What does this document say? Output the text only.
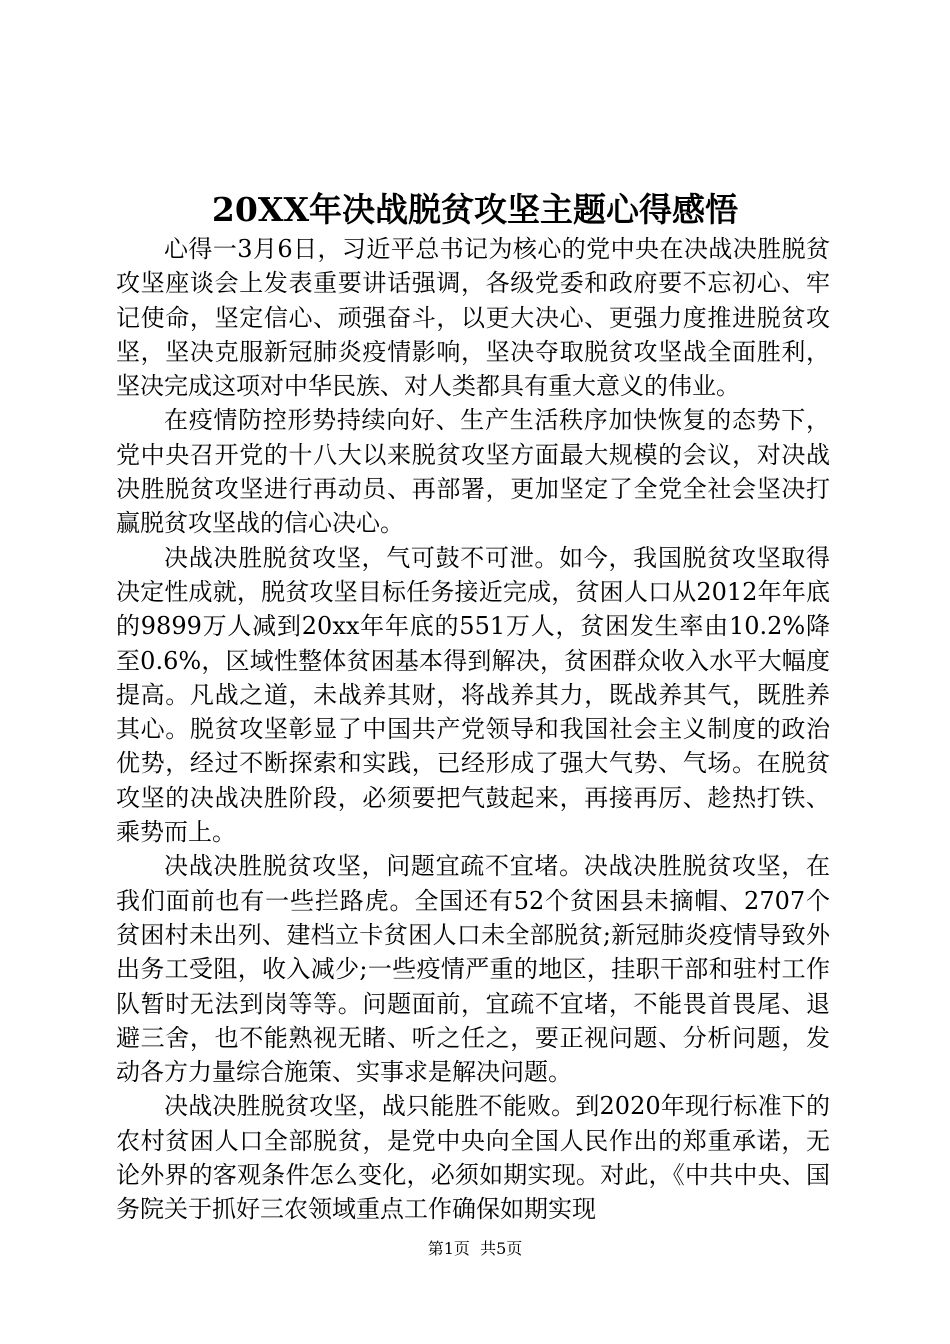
20XX年决战脱贫攻坚主题心得感悟

心得一3月6日，习近平总书记为核心的党中央在决战决胜脱贫攻坚座谈会上发表重要讲话强调，各级党委和政府要不忘初心、牢记使命，坚定信心、顽强奋斗，以更大决心、更强力度推进脱贫攻坚，坚决克服新冠肺炎疫情影响，坚决夺取脱贫攻坚战全面胜利，坚决完成这项对中华民族、对人类都具有重大意义的伟业。

在疫情防控形势持续向好、生产生活秩序加快恢复的态势下，党中央召开党的十八大以来脱贫攻坚方面最大规模的会议，对决战决胜脱贫攻坚进行再动员、再部署，更加坚定了全党全社会坚决打赢脱贫攻坚战的信心决心。

决战决胜脱贫攻坚，气可鼓不可泄。如今，我国脱贫攻坚取得决定性成就，脱贫攻坚目标任务接近完成，贫困人口从2012年年底的9899万人减到20xx年年底的551万人，贫困发生率由10.2%降至0.6%，区域性整体贫困基本得到解决，贫困群众收入水平大幅度提高。凡战之道，未战养其财，将战养其力，既战养其气，既胜养其心。脱贫攻坚彰显了中国共产党领导和我国社会主义制度的政治优势，经过不断探索和实践，已经形成了强大气势、气场。在脱贫攻坚的决战决胜阶段，必须要把气鼓起来，再接再厉、趁热打铁、乘势而上。

决战决胜脱贫攻坚，问题宜疏不宜堵。决战决胜脱贫攻坚，在我们面前也有一些拦路虎。全国还有52个贫困县未摘帽、2707个贫困村未出列、建档立卡贫困人口未全部脱贫;新冠肺炎疫情导致外出务工受阻，收入减少;一些疫情严重的地区，挂职干部和驻村工作队暂时无法到岗等等。问题面前，宜疏不宜堵，不能畏首畏尾、退避三舍，也不能熟视无睹、听之任之，要正视问题、分析问题，发动各方力量综合施策、实事求是解决问题。

决战决胜脱贫攻坚，战只能胜不能败。到2020年现行标准下的农村贫困人口全部脱贫，是党中央向全国人民作出的郑重承诺，无论外界的客观条件怎么变化，必须如期实现。对此，《中共中央、国务院关于抓好三农领域重点工作确保如期实现

第1页  共5页
